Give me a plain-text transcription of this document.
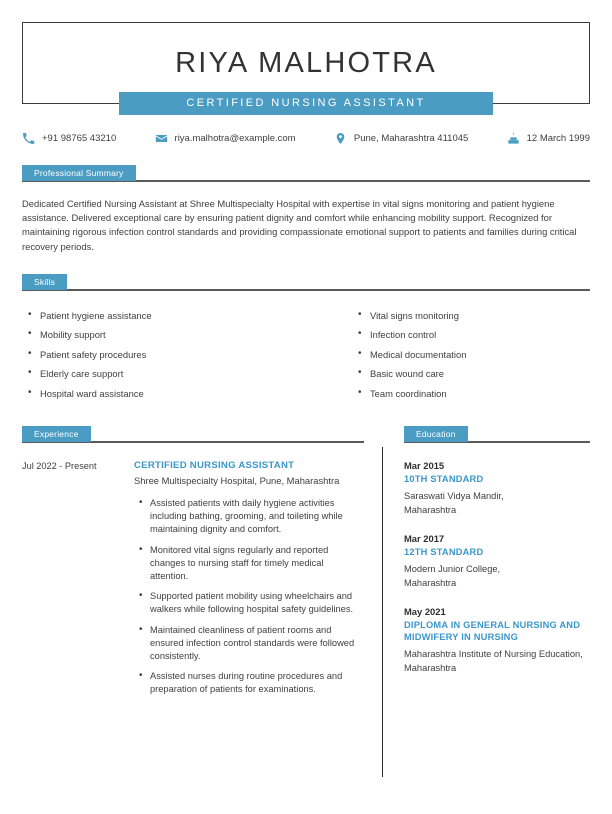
RIYA MALHOTRA
CERTIFIED NURSING ASSISTANT
+91 98765 43210	riya.malhotra@example.com	Pune, Maharashtra 411045	12 March 1999
Professional Summary
Dedicated Certified Nursing Assistant at Shree Multispecialty Hospital with expertise in vital signs monitoring and patient hygiene assistance. Delivered exceptional care by ensuring patient dignity and comfort while enhancing mobility support. Recognized for maintaining rigorous infection control standards and providing compassionate emotional support to patients and families during critical recovery periods.
Skills
• Patient hygiene assistance
• Mobility support
• Patient safety procedures
• Elderly care support
• Hospital ward assistance
• Vital signs monitoring
• Infection control
• Medical documentation
• Basic wound care
• Team coordination
Experience	Education
Jul 2022 - Present	CERTIFIED NURSING ASSISTANT
Shree Multispecialty Hospital, Pune, Maharashtra
• Assisted patients with daily hygiene activities including bathing, grooming, and toileting while maintaining dignity and comfort.
• Monitored vital signs regularly and reported changes to nursing staff for timely medical attention.
• Supported patient mobility using wheelchairs and walkers while following hospital safety guidelines.
• Maintained cleanliness of patient rooms and ensured infection control standards were followed consistently.
• Assisted nurses during routine procedures and preparation of patients for examinations.
Mar 2015
10TH STANDARD
Saraswati Vidya Mandir,
Maharashtra
Mar 2017
12TH STANDARD
Modern Junior College,
Maharashtra
May 2021
DIPLOMA IN GENERAL NURSING AND MIDWIFERY IN NURSING
Maharashtra Institute of Nursing Education,
Maharashtra
